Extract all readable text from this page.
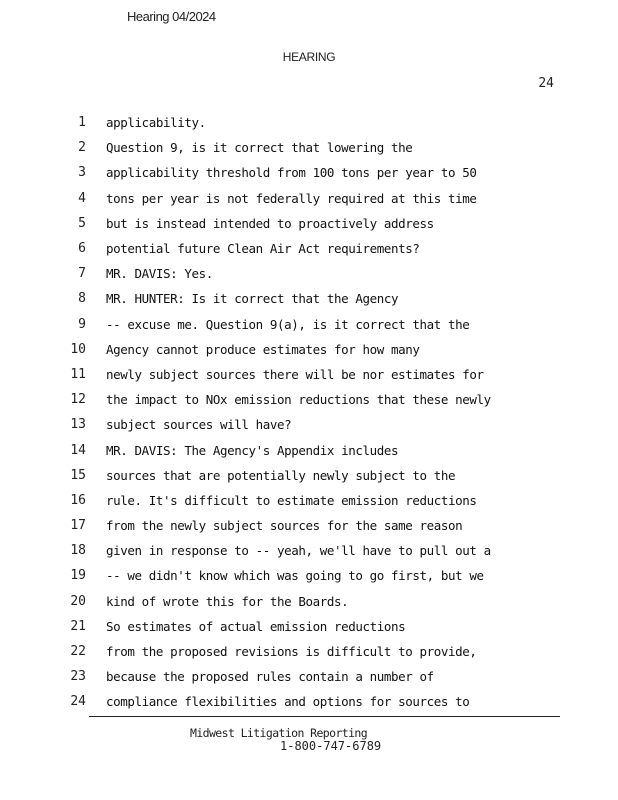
Hearing 04/2024
HEARING
24
1 applicability.
2 Question 9, is it correct that lowering the
3 applicability threshold from 100 tons per year to 50
4 tons per year is not federally required at this time
5 but is instead intended to proactively address
6 potential future Clean Air Act requirements?
7 MR. DAVIS: Yes.
8 MR. HUNTER: Is it correct that the Agency
9 -- excuse me. Question 9(a), is it correct that the
10 Agency cannot produce estimates for how many
11 newly subject sources there will be nor estimates for
12 the impact to NOx emission reductions that these newly
13 subject sources will have?
14 MR. DAVIS: The Agency's Appendix includes
15 sources that are potentially newly subject to the
16 rule. It's difficult to estimate emission reductions
17 from the newly subject sources for the same reason
18 given in response to -- yeah, we'll have to pull out a
19 -- we didn't know which was going to go first, but we
20 kind of wrote this for the Boards.
21 So estimates of actual emission reductions
22 from the proposed revisions is difficult to provide,
23 because the proposed rules contain a number of
24 compliance flexibilities and options for sources to
Midwest Litigation Reporting
1-800-747-6789
